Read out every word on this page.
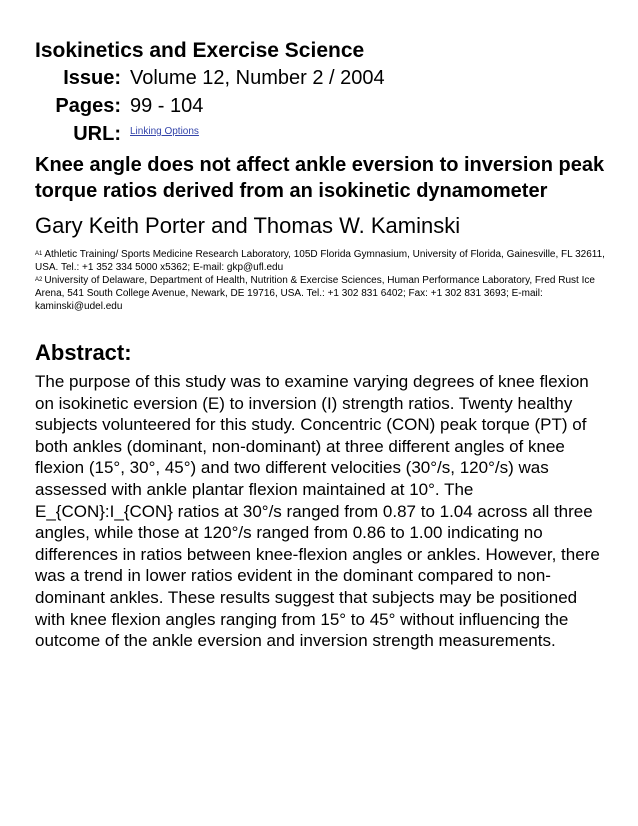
Isokinetics and Exercise Science
Issue: Volume 12, Number 2 / 2004
Pages: 99 - 104
URL: Linking Options
Knee angle does not affect ankle eversion to inversion peak torque ratios derived from an isokinetic dynamometer
Gary Keith Porter and Thomas W. Kaminski

$^{A1}$ Athletic Training/ Sports Medicine Research Laboratory, 105D Florida Gymnasium, University of Florida, Gainesville, FL 32611, USA. Tel.: +1 352 334 5000 x5362; E-mail: gkp@ufl.edu

$^{A2}$ University of Delaware, Department of Health, Nutrition & Exercise Sciences, Human Performance Laboratory, Fred Rust Ice Arena, 541 South College Avenue, Newark, DE 19716, USA. Tel.: +1 302 831 6402; Fax: +1 302 831 3693; E-mail: kaminski@udel.edu

Abstract:

The purpose of this study was to examine varying degrees of knee flexion on isokinetic eversion (E) to inversion (I) strength ratios. Twenty healthy subjects volunteered for this study. Concentric (CON) peak torque (PT) of both ankles (dominant, non-dominant) at three different angles of knee flexion (15°, 30°, 45°) and two different velocities (30°/s, 120°/s) was assessed with ankle plantar flexion maintained at 10°. The E_{CON}:I_{CON} ratios at 30°/s ranged from 0.87 to 1.04 across all three angles, while those at 120°/s ranged from 0.86 to 1.00 indicating no differences in ratios between knee-flexion angles or ankles. However, there was a trend in lower ratios evident in the dominant compared to non-dominant ankles. These results suggest that subjects may be positioned with knee flexion angles ranging from 15° to 45° without influencing the outcome of the ankle eversion and inversion strength measurements.
